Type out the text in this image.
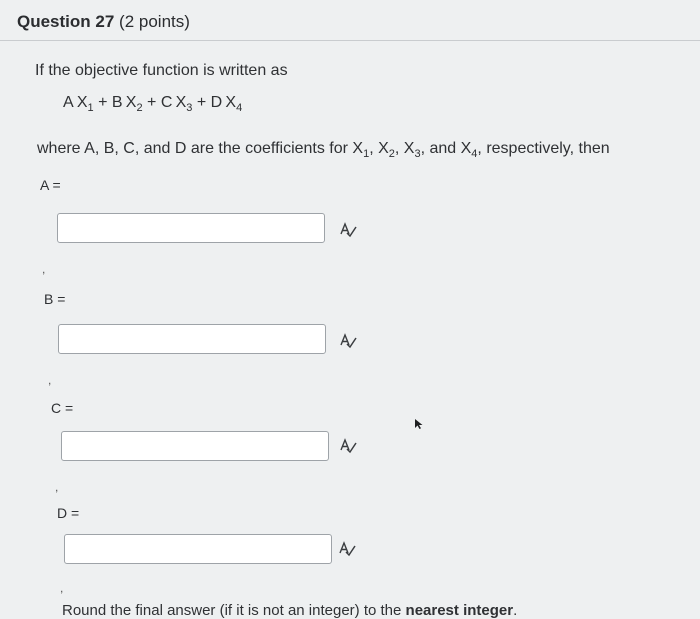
Question 27 (2 points)
If the objective function is written as
A  $X_1 + B$  $X_2 + C$  $X_3 + D$  $X_4$
where A, B, C, and D are the coefficients for $X_1$, $X_2$, $X_3$, and $X_4$, respectively, then
A =
,
B =
,
C =
,
D =
,
Round the final answer (if it is not an integer) to the nearest integer.
